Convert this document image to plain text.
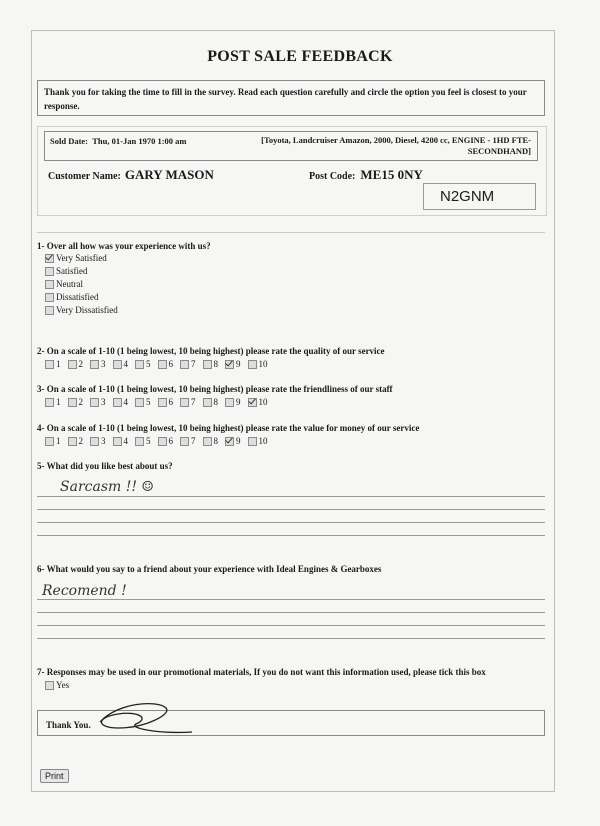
POST SALE FEEDBACK
Thank you for taking the time to fill in the survey. Read each question carefully and circle the option you feel is closest to your response.
Sold Date: Thu, 01-Jan 1970 1:00 am	[Toyota, Landcruiser Amazon, 2000, Diesel, 4200 cc, ENGINE - 1HD FTE-SECONDHAND]
Customer Name: GARY MASON	Post Code: ME15 0NY
N2GNM
1- Over all how was your experience with us?
Very Satisfied
Satisfied
Neutral
Dissatisfied
Very Dissatisfied
2- On a scale of 1-10 (1 being lowest, 10 being highest) please rate the quality of our service
1 2 3 4 5 6 7 8 9 10
3- On a scale of 1-10 (1 being lowest, 10 being highest) please rate the friendliness of our staff
1 2 3 4 5 6 7 8 9 10
4- On a scale of 1-10 (1 being lowest, 10 being highest) please rate the value for money of our service
1 2 3 4 5 6 7 8 9 10
5- What did you like best about us?
Sarcasm !! ☺
6- What would you say to a friend about your experience with Ideal Engines & Gearboxes
Recomend !
7- Responses may be used in our promotional materials, If you do not want this information used, please tick this box
Yes
Thank You.
Print
